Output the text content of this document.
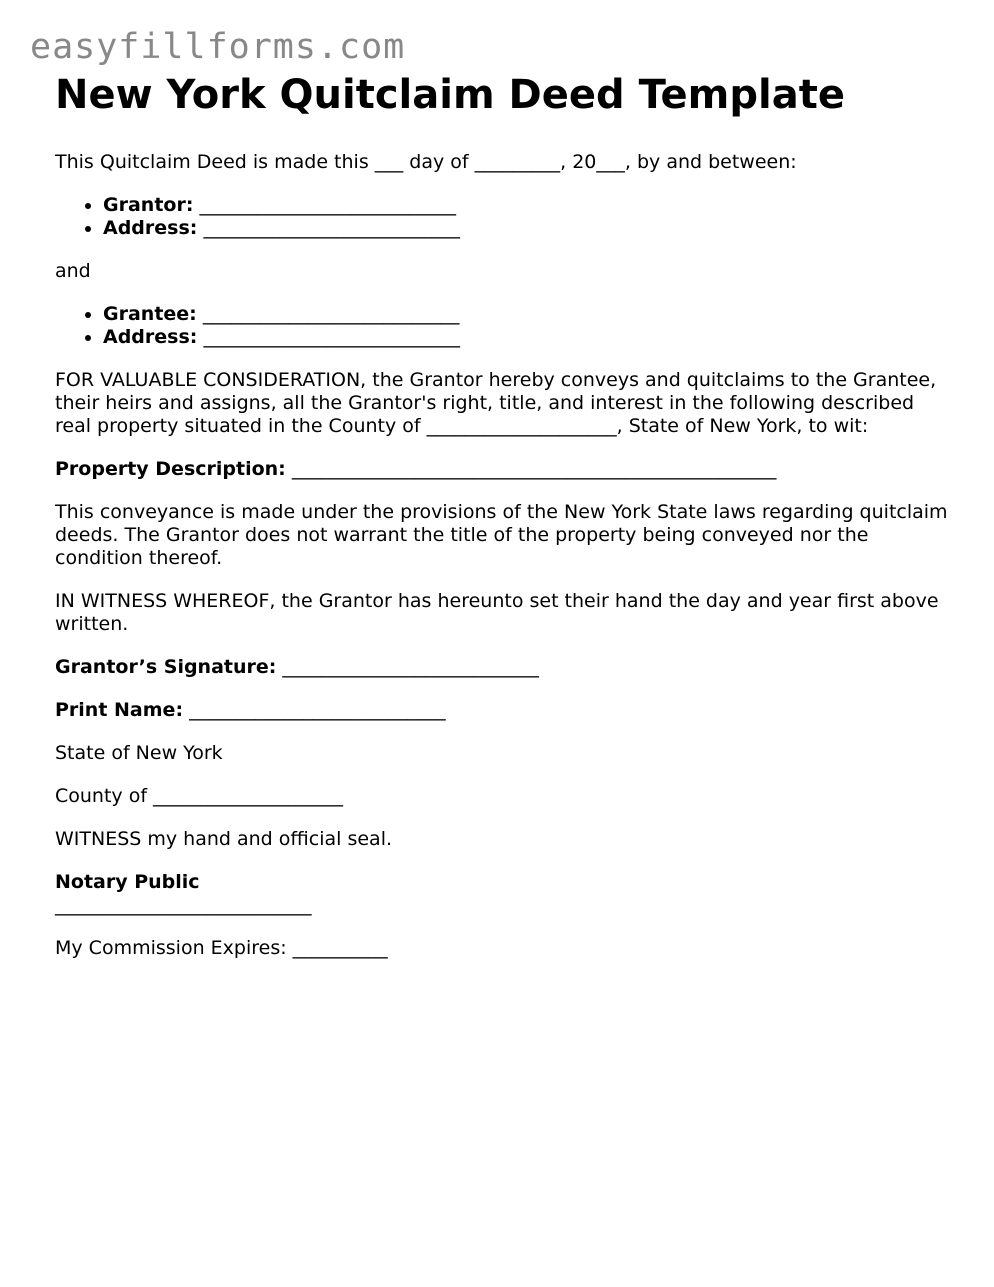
easyfillforms.com
New York Quitclaim Deed Template

This Quitclaim Deed is made this ___ day of _________, 20___, by and between:

• Grantor: ___________________________
• Address: ___________________________

and

• Grantee: ___________________________
• Address: ___________________________

FOR VALUABLE CONSIDERATION, the Grantor hereby conveys and quitclaims to the Grantee, their heirs and assigns, all the Grantor's right, title, and interest in the following described real property situated in the County of ____________________, State of New York, to wit:

Property Description: ___________________________________________________

This conveyance is made under the provisions of the New York State laws regarding quitclaim deeds. The Grantor does not warrant the title of the property being conveyed nor the condition thereof.

IN WITNESS WHEREOF, the Grantor has hereunto set their hand the day and year first above written.

Grantor’s Signature: ___________________________

Print Name: ___________________________

State of New York

County of ____________________

WITNESS my hand and official seal.

Notary Public
___________________________

My Commission Expires: __________
